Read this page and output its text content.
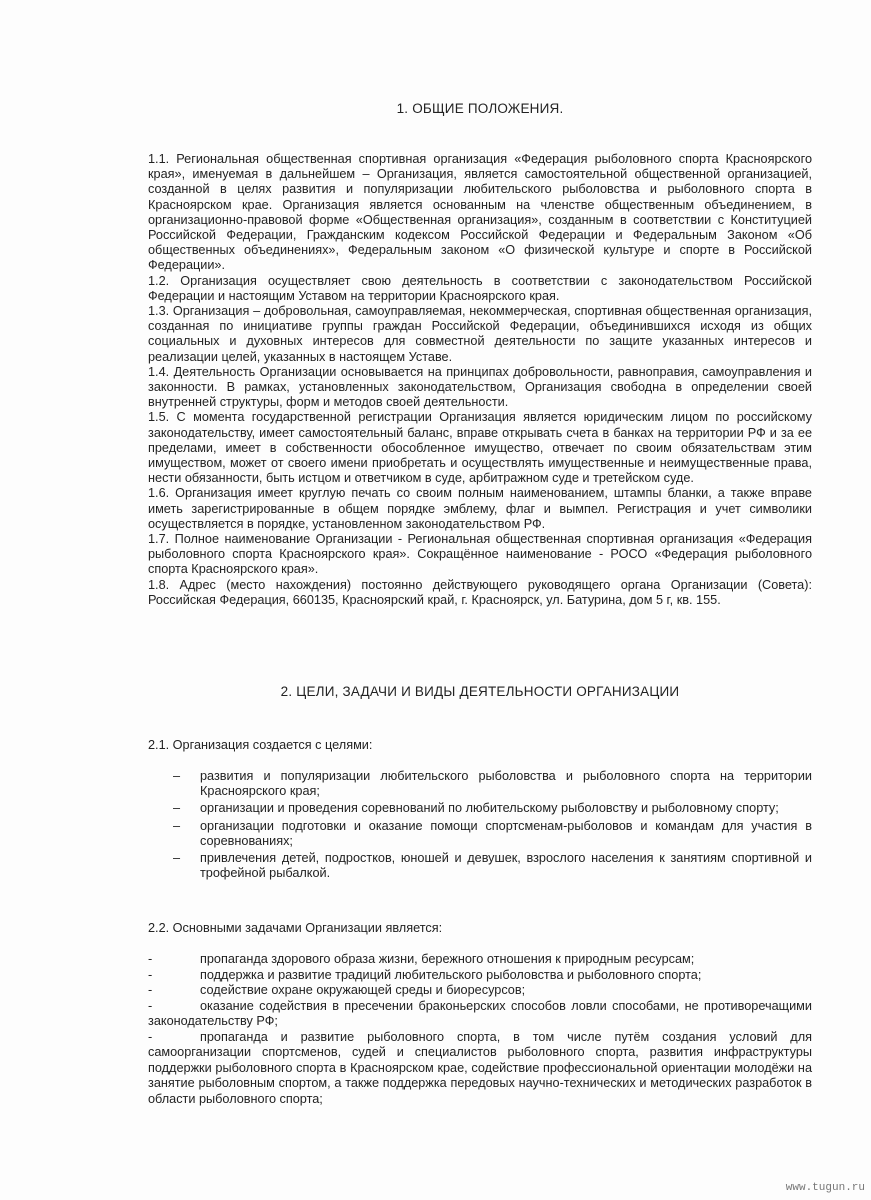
1. ОБЩИЕ ПОЛОЖЕНИЯ.

1.1. Региональная общественная спортивная организация «Федерация рыболовного спорта Красноярского края», именуемая в дальнейшем – Организация, является самостоятельной общественной организацией, созданной в целях развития и популяризации любительского рыболовства и рыболовного спорта в Красноярском крае. Организация является основанным на членстве общественным объединением, в организационно-правовой форме «Общественная организация», созданным в соответствии с Конституцией Российской Федерации, Гражданским кодексом Российской Федерации и Федеральным Законом «Об общественных объединениях», Федеральным законом «О физической культуре и спорте в Российской Федерации».

1.2. Организация осуществляет свою деятельность в соответствии с законодательством Российской Федерации и настоящим Уставом на территории Красноярского края.

1.3. Организация – добровольная, самоуправляемая, некоммерческая, спортивная общественная организация, созданная по инициативе группы граждан Российской Федерации, объединившихся исходя из общих социальных и духовных интересов для совместной деятельности по защите указанных интересов и реализации целей, указанных в настоящем Уставе.

1.4. Деятельность Организации основывается на принципах добровольности, равноправия, самоуправления и законности. В рамках, установленных законодательством, Организация свободна в определении своей внутренней структуры, форм и методов своей деятельности.

1.5. С момента государственной регистрации Организация является юридическим лицом по российскому законодательству, имеет самостоятельный баланс, вправе открывать счета в банках на территории РФ и за ее пределами, имеет в собственности обособленное имущество, отвечает по своим обязательствам этим имуществом, может от своего имени приобретать и осуществлять имущественные и неимущественные права, нести обязанности, быть истцом и ответчиком в суде, арбитражном суде и третейском суде.

1.6. Организация имеет круглую печать со своим полным наименованием, штампы бланки, а также вправе иметь зарегистрированные в общем порядке эмблему, флаг и вымпел. Регистрация и учет символики осуществляется в порядке, установленном законодательством РФ.

1.7. Полное наименование Организации - Региональная общественная спортивная организация «Федерация рыболовного спорта Красноярского края». Сокращённое наименование - РОСО «Федерация рыболовного спорта Красноярского края».

1.8. Адрес (место нахождения) постоянно действующего руководящего органа Организации (Совета): Российская Федерация, 660135, Красноярский край, г. Красноярск, ул. Батурина, дом 5 г, кв. 155.

2. ЦЕЛИ, ЗАДАЧИ И ВИДЫ ДЕЯТЕЛЬНОСТИ ОРГАНИЗАЦИИ
2.1. Организация создается с целями:
– развития и популяризации любительского рыболовства и рыболовного спорта на территории Красноярского края;
– организации и проведения соревнований по любительскому рыболовству и рыболовному спорту;
– организации подготовки и оказание помощи спортсменам-рыболовов и командам для участия в соревнованиях;
– привлечения детей, подростков, юношей и девушек, взрослого населения к занятиям спортивной и трофейной рыбалкой.
2.2. Основными задачами Организации является:
-	пропаганда здорового образа жизни, бережного отношения к природным ресурсам;
-	поддержка и развитие традиций любительского рыболовства и рыболовного спорта;
-	содействие охране окружающей среды и биоресурсов;
-	оказание содействия в пресечении браконьерских способов ловли способами, не противоречащими законодательству РФ;
-	пропаганда и развитие рыболовного спорта, в том числе путём создания условий для самоорганизации спортсменов, судей и специалистов рыболовного спорта, развития инфраструктуры поддержки рыболовного спорта в Красноярском крае, содействие профессиональной ориентации молодёжи на занятие рыболовным спортом, а также поддержка передовых научно-технических и методических разработок в области рыболовного спорта;
www.tugun.ru
